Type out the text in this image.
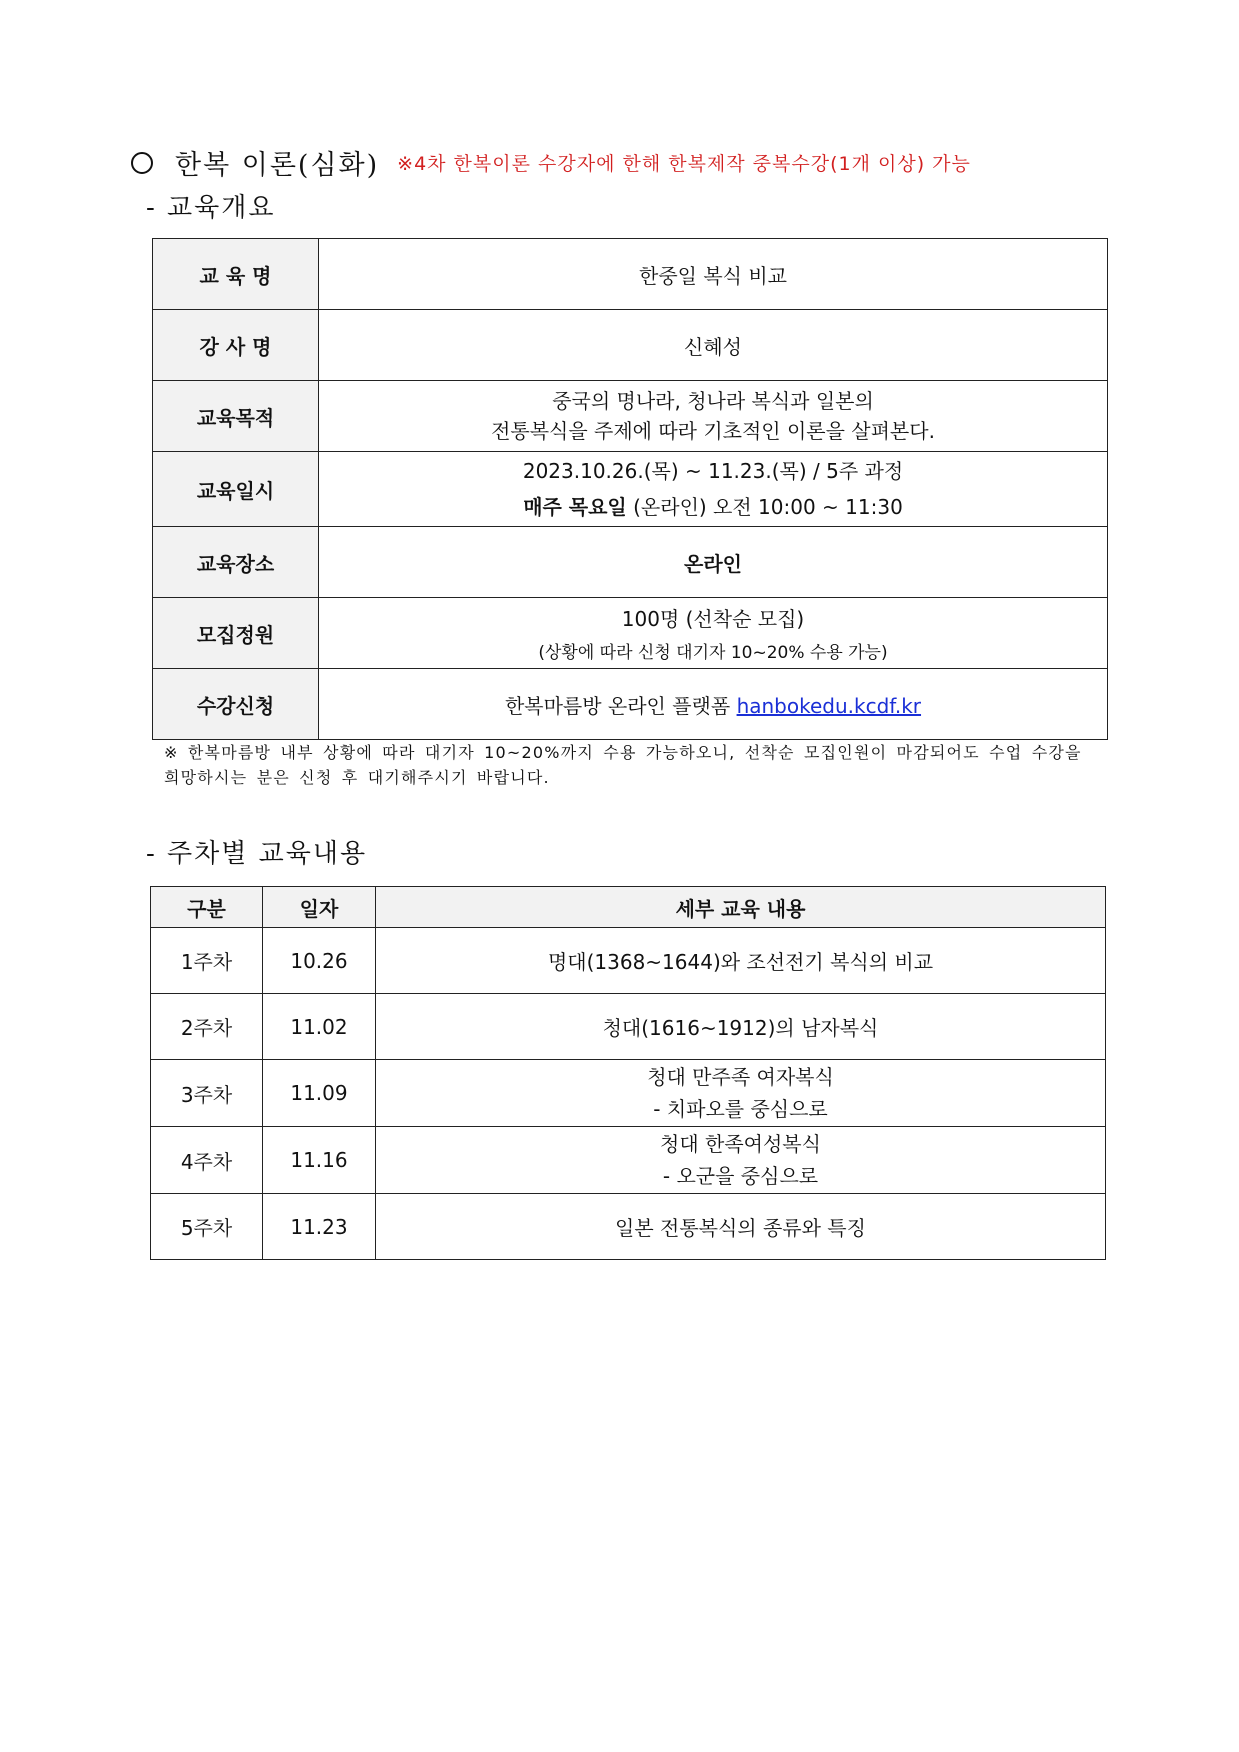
한복 이론(심화) ※4차 한복이론 수강자에 한해 한복제작 중복수강(1개 이상) 가능
- 교육개요
교 육 명	한중일 복식 비교
강 사 명	신혜성
교육목적	중국의 명나라, 청나라 복식과 일본의
전통복식을 주제에 따라 기초적인 이론을 살펴본다.

교육일시	2023.10.26.(목) ~ 11.23.(목) / 5주 과정
매주 목요일 (온라인) 오전 10:00 ~ 11:30

교육장소	온라인
모집정원	100명 (선착순 모집)
(상황에 따라 신청 대기자 10~20% 수용 가능)

수강신청	한복마름방 온라인 플랫폼 hanbokedu.kcdf.kr
※ 한복마름방 내부 상황에 따라 대기자 10~20%까지 수용 가능하오니, 선착순 모집인원이 마감되어도 수업 수강을 희망하시는 분은 신청 후 대기해주시기 바랍니다.
- 주차별 교육내용
구분	일자	세부 교육 내용
1주차	10.26	명대(1368~1644)와 조선전기 복식의 비교
2주차	11.02	청대(1616~1912)의 남자복식
3주차	11.09	청대 만주족 여자복식
- 치파오를 중심으로

4주차	11.16	청대 한족여성복식
- 오군을 중심으로

5주차	11.23	일본 전통복식의 종류와 특징
